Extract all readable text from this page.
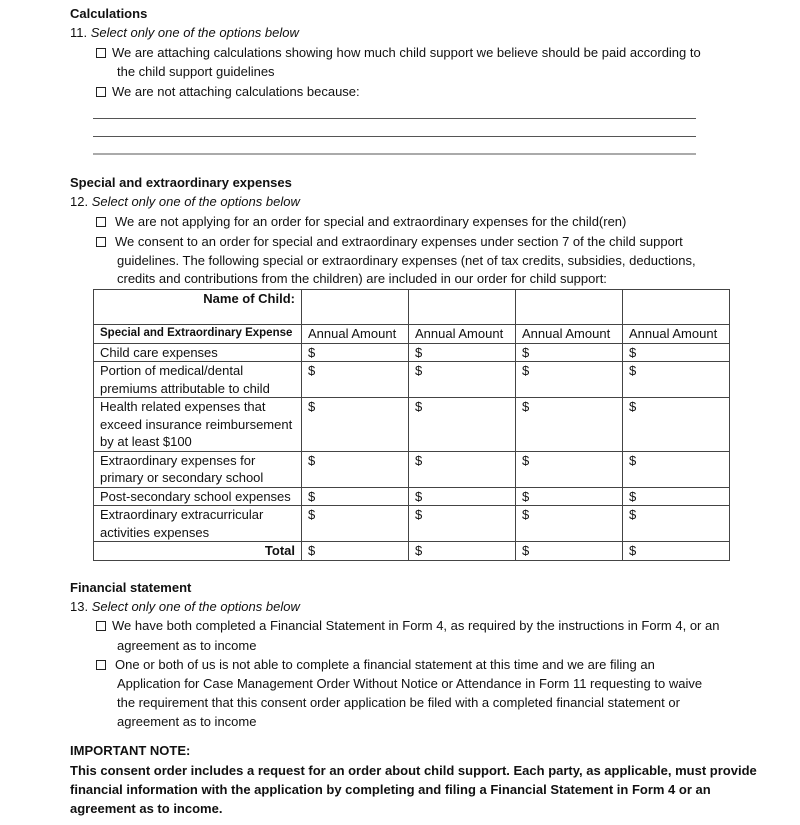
Calculations
11. Select only one of the options below
We are attaching calculations showing how much child support we believe should be paid according to
the child support guidelines
We are not attaching calculations because:
Special and extraordinary expenses
12. Select only one of the options below
We are not applying for an order for special and extraordinary expenses for the child(ren)
We consent to an order for special and extraordinary expenses under section 7 of the child support
guidelines. The following special or extraordinary expenses (net of tax credits, subsidies, deductions,
credits and contributions from the children) are included in our order for child support:
Name of Child:				
Special and Extraordinary Expense	Annual Amount	Annual Amount	Annual Amount	Annual Amount
Child care expenses	$	$	$	$
Portion of medical/dental premiums attributable to child	$	$	$	$
Health related expenses that exceed insurance reimbursement by at least $100	$	$	$	$
Extraordinary expenses for primary or secondary school	$	$	$	$
Post-secondary school expenses	$	$	$	$
Extraordinary extracurricular activities expenses	$	$	$	$
Total	$	$	$	$
Financial statement
13. Select only one of the options below
We have both completed a Financial Statement in Form 4, as required by the instructions in Form 4, or an
agreement as to income
One or both of us is not able to complete a financial statement at this time and we are filing an
Application for Case Management Order Without Notice or Attendance in Form 11 requesting to waive
the requirement that this consent order application be filed with a completed financial statement or
agreement as to income
IMPORTANT NOTE:
This consent order includes a request for an order about child support. Each party, as applicable, must provide
financial information with the application by completing and filing a Financial Statement in Form 4 or an
agreement as to income.
